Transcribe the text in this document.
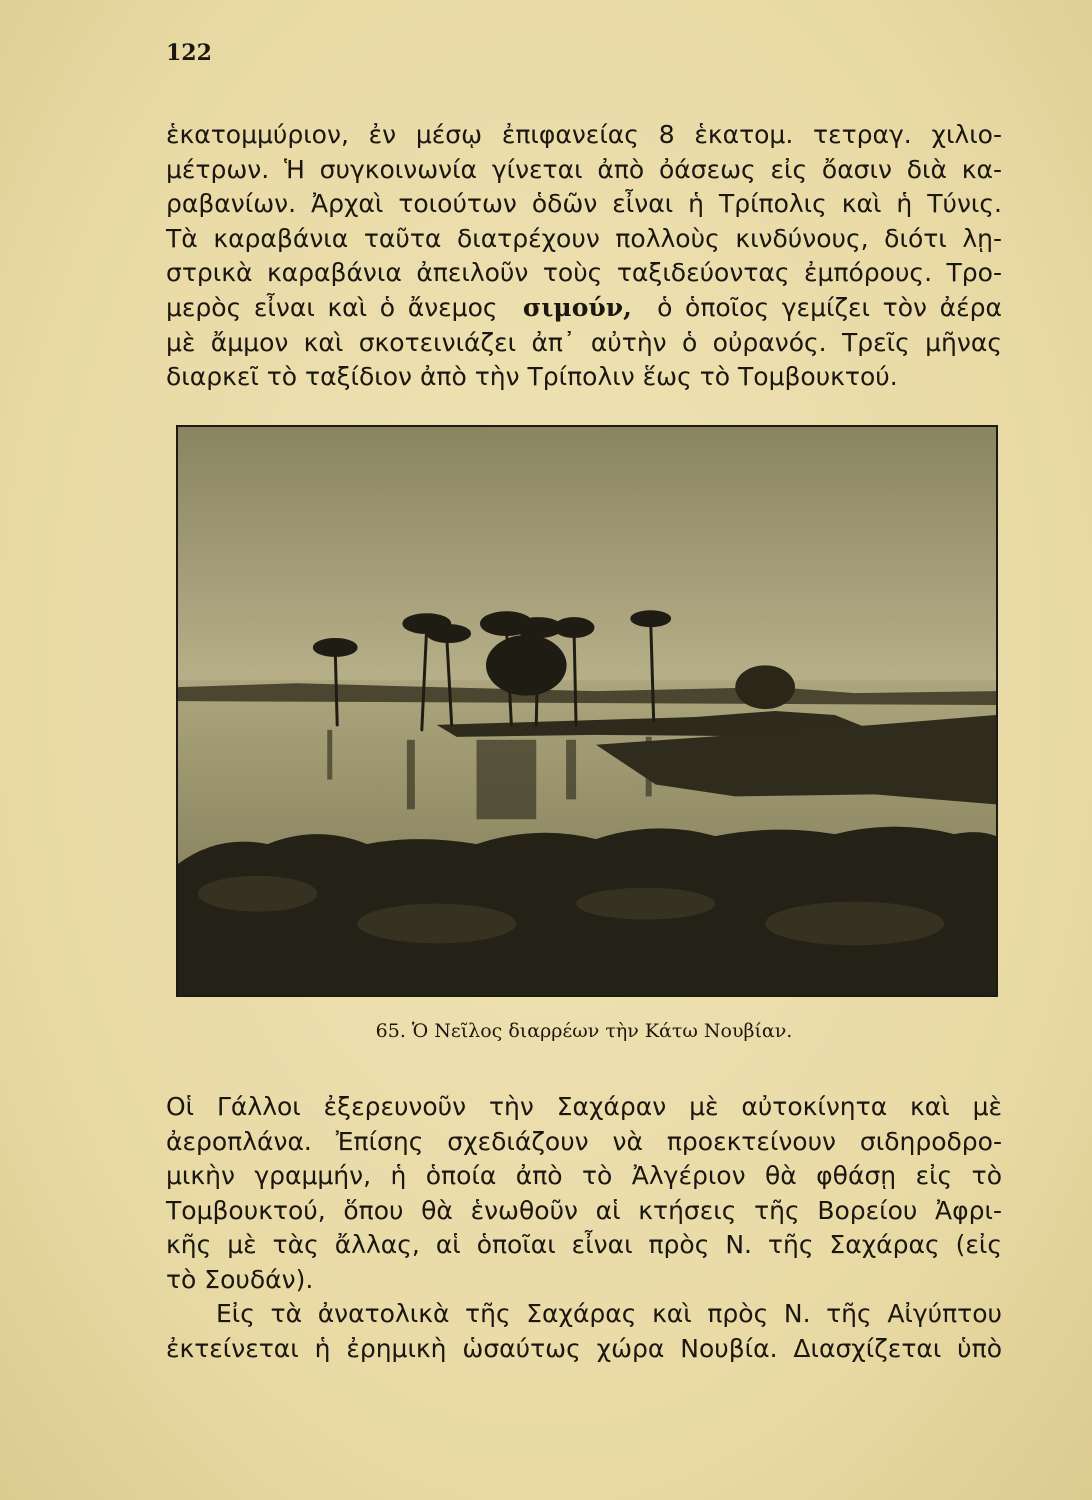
122
ἑκατομμύριον, ἐν μέσῳ ἐπιφανείας 8 ἑκατομ. τετραγ. χιλιο-
μέτρων. Ἡ συγκοινωνία γίνεται ἀπὸ ὀάσεως εἰς ὄασιν διὰ κα-
ραβανίων. Ἀρχαὶ τοιούτων ὁδῶν εἶναι ἡ Τρίπολις καὶ ἡ Τύνις.
Τὰ καραβάνια ταῦτα διατρέχουν πολλοὺς κινδύνους, διότι λῃ-
στρικὰ καραβάνια ἀπειλοῦν τοὺς ταξιδεύοντας ἐμπόρους. Τρο-
μερὸς εἶναι καὶ ὁ ἄνεμος σιμούν, ὁ ὁποῖος γεμίζει τὸν ἀέρα
μὲ ἄμμον καὶ σκοτεινιάζει ἀπ᾽ αὐτὴν ὁ οὐρανός. Τρεῖς μῆνας
διαρκεῖ τὸ ταξίδιον ἀπὸ τὴν Τρίπολιν ἕως τὸ Τομβουκτού.
65. Ὁ Νεῖλος διαρρέων τὴν Κάτω Νουβίαν.
Οἱ Γάλλοι ἐξερευνοῦν τὴν Σαχάραν μὲ αὐτοκίνητα καὶ μὲ
ἀεροπλάνα. Ἐπίσης σχεδιάζουν νὰ προεκτείνουν σιδηροδρο-
μικὴν γραμμήν, ἡ ὁποία ἀπὸ τὸ Ἀλγέριον θὰ φθάσῃ εἰς τὸ
Τομβουκτού, ὅπου θὰ ἑνωθοῦν αἱ κτήσεις τῆς Βορείου Ἀφρι-
κῆς μὲ τὰς ἄλλας, αἱ ὁποῖαι εἶναι πρὸς Ν. τῆς Σαχάρας (εἰς
τὸ Σουδάν).
Εἰς τὰ ἀνατολικὰ τῆς Σαχάρας καὶ πρὸς Ν. τῆς Αἰγύπτου
ἐκτείνεται ἡ ἐρημικὴ ὡσαύτως χώρα Νουβία. Διασχίζεται ὑπὸ
